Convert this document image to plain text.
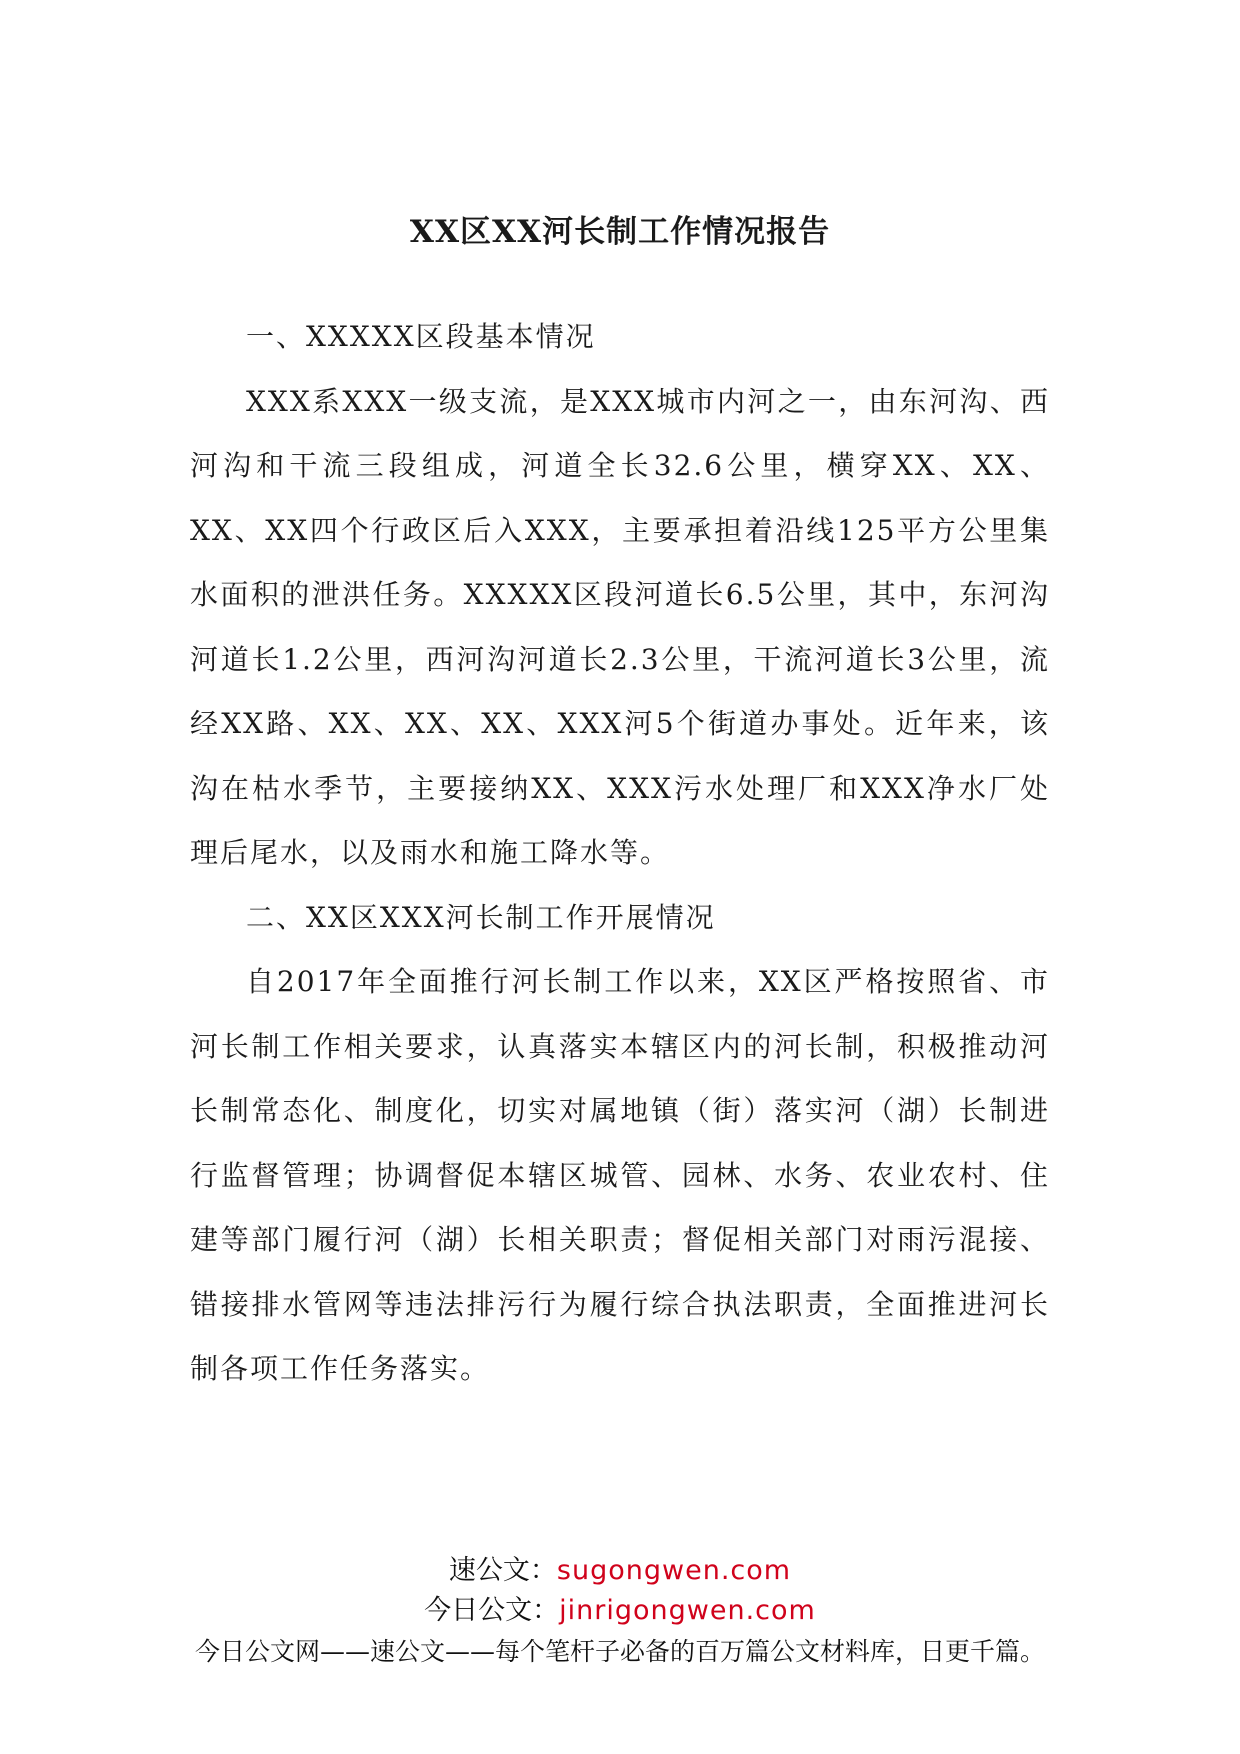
XX区XX河长制工作情况报告

一、XXXXX区段基本情况

XXX系XXX一级支流，是XXX城市内河之一，由东河沟、西河沟和干流三段组成，河道全长32.6公里，横穿XX、XX、XX、XX四个行政区后入XXX，主要承担着沿线125平方公里集水面积的泄洪任务。XXXXX区段河道长6.5公里，其中，东河沟河道长1.2公里，西河沟河道长2.3公里，干流河道长3公里，流经XX路、XX、XX、XX、XXX河5个街道办事处。近年来，该沟在枯水季节，主要接纳XX、XXX污水处理厂和XXX净水厂处理后尾水，以及雨水和施工降水等。

二、XX区XXX河长制工作开展情况

自2017年全面推行河长制工作以来，XX区严格按照省、市河长制工作相关要求，认真落实本辖区内的河长制，积极推动河长制常态化、制度化，切实对属地镇（街）落实河（湖）长制进行监督管理；协调督促本辖区城管、园林、水务、农业农村、住建等部门履行河（湖）长相关职责；督促相关部门对雨污混接、错接排水管网等违法排污行为履行综合执法职责，全面推进河长制各项工作任务落实。

速公文：sugongwen.com
今日公文：jinrigongwen.com
今日公文网——速公文——每个笔杆子必备的百万篇公文材料库，日更千篇。
